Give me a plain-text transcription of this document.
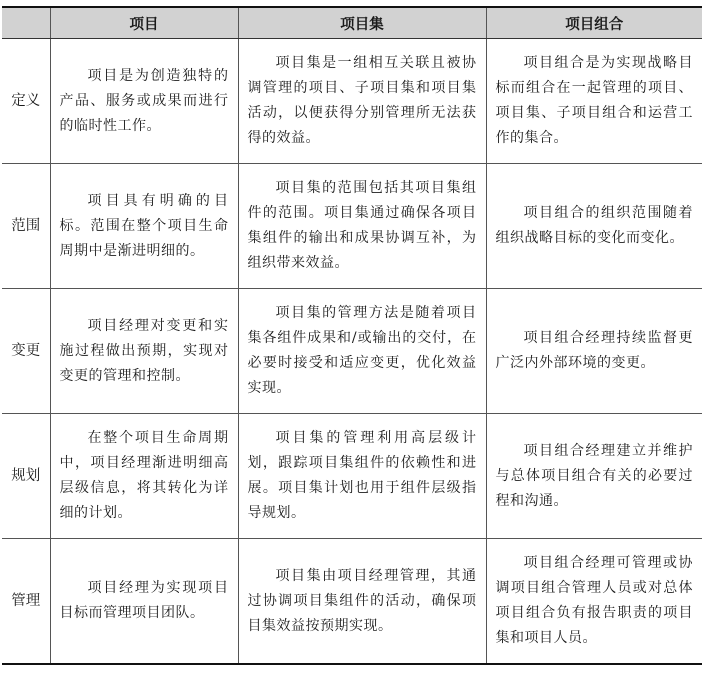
	项目	项目集	项目组合
定义	项目是为创造独特的产品、服务或成果而进行的临时性工作。	项目集是一组相互关联且被协调管理的项目、子项目集和项目集活动，以便获得分别管理所无法获得的效益。	项目组合是为实现战略目标而组合在一起管理的项目、项目集、子项目组合和运营工作的集合。

范围	项目具有明确的目标。范围在整个项目生命周期中是渐进明细的。	项目集的范围包括其项目集组件的范围。项目集通过确保各项目集组件的输出和成果协调互补，为组织带来效益。	项目组合的组织范围随着组织战略目标的变化而变化。

变更	项目经理对变更和实施过程做出预期，实现对变更的管理和控制。	项目集的管理方法是随着项目集各组件成果和/或输出的交付，在必要时接受和适应变更，优化效益实现。	项目组合经理持续监督更广泛内外部环境的变更。

规划	在整个项目生命周期中，项目经理渐进明细高层级信息，将其转化为详细的计划。	项目集的管理利用高层级计划，跟踪项目集组件的依赖性和进展。项目集计划也用于组件层级指导规划。	项目组合经理建立并维护与总体项目组合有关的必要过程和沟通。

管理	项目经理为实现项目目标而管理项目团队。	项目集由项目经理管理，其通过协调项目集组件的活动，确保项目集效益按预期实现。	项目组合经理可管理或协调项目组合管理人员或对总体项目组合负有报告职责的项目集和项目人员。
